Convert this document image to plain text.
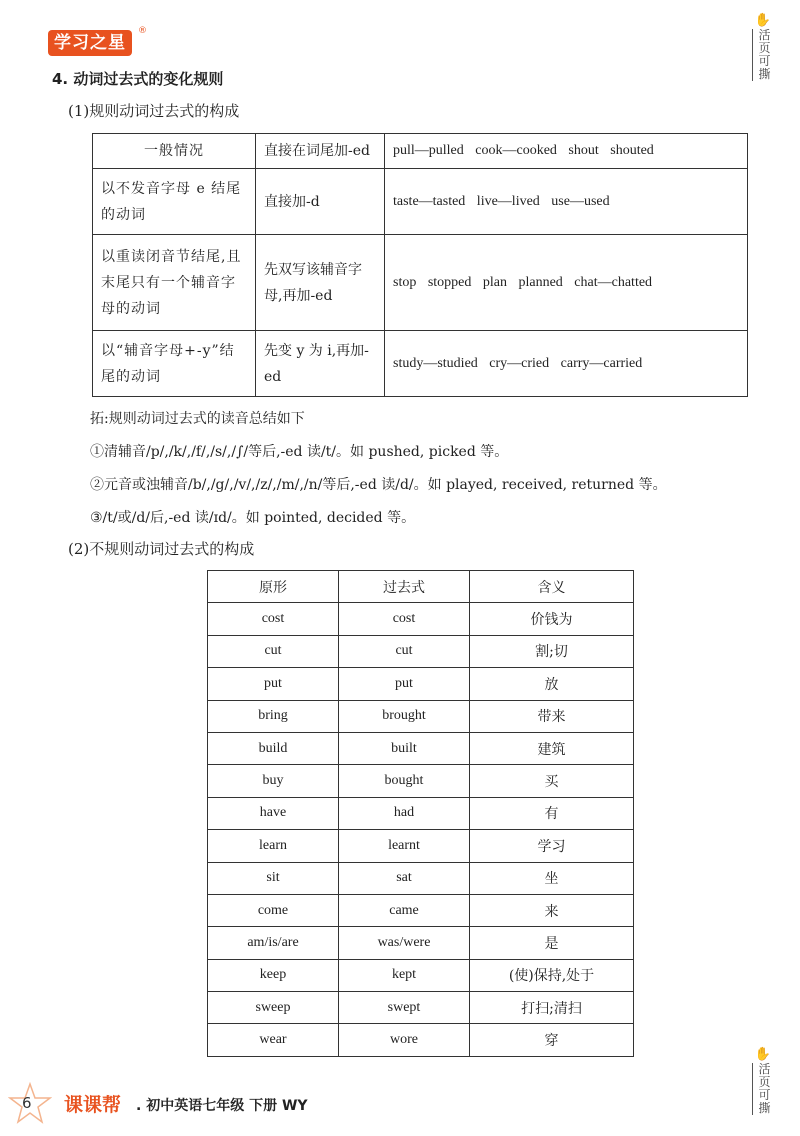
学习之星
®
✋
活页可撕
4. 动词过去式的变化规则
(1)规则动词过去式的构成
一般情况	直接在词尾加-ed	pull—pulled cook—cooked shout shouted
以不发音字母 e 结尾的动词	直接加-d	taste—tasted live—lived use—used
以重读闭音节结尾,且末尾只有一个辅音字母的动词	先双写该辅音字母,再加-ed	stop stopped plan planned chat—chatted
以“辅音字母+-y”结尾的动词	先变 y 为 i,再加-ed	study—studied cry—cried carry—carried
拓:规则动词过去式的读音总结如下
①清辅音/p/,/k/,/f/,/s/,/∫/等后,-ed 读/t/。如 pushed, picked 等。
②元音或浊辅音/b/,/g/,/v/,/z/,/m/,/n/等后,-ed 读/d/。如 played, received, returned 等。
③/t/或/d/后,-ed 读/ɪd/。如 pointed, decided 等。
(2)不规则动词过去式的构成
原形	过去式	含义
cost	cost	价钱为
cut	cut	割;切
put	put	放
bring	brought	带来
build	built	建筑
buy	bought	买
have	had	有
learn	learnt	学习
sit	sat	坐
come	came	来
am/is/are	was/were	是
keep	kept	(使)保持,处于
sweep	swept	打扫;清扫
wear	wore	穿
✋
活页可撕
6 课课帮 . 初中英语七年级 下册 WY
